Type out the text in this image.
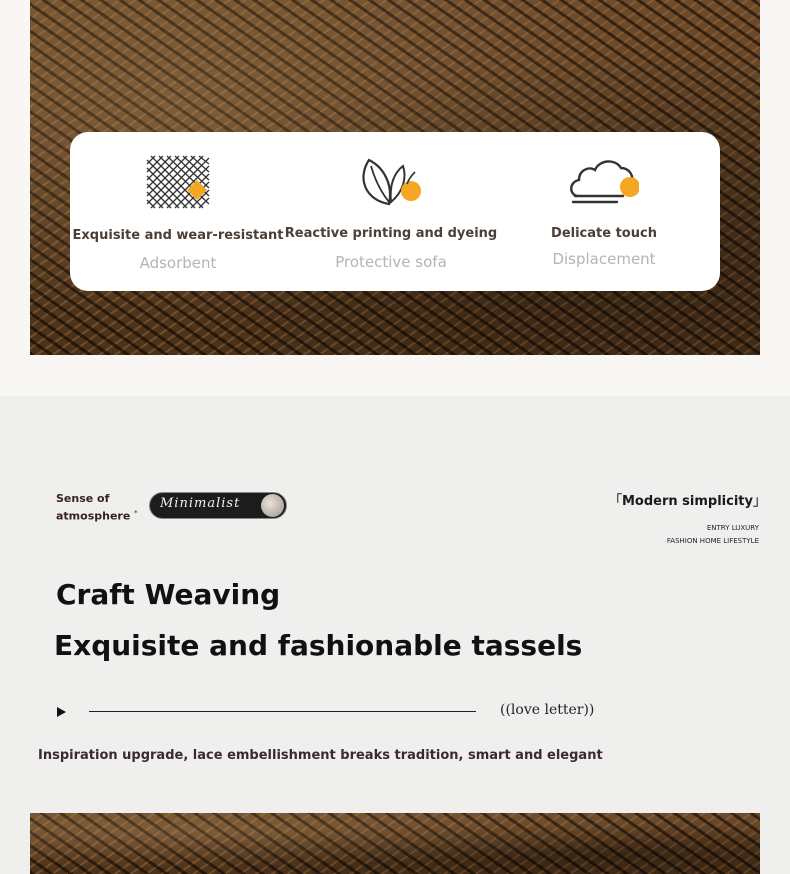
Exquisite and wear-resistant
Adsorbent
Reactive printing and dyeing
Protective sofa
Delicate touch
Displacement
Sense of
atmosphere *
Minimalist	「Modern simplicity」
ENTRY LUXURY
FASHION HOME LIFESTYLE
Craft Weaving
Exquisite and fashionable tassels
((love letter))
Inspiration upgrade, lace embellishment breaks tradition, smart and elegant
